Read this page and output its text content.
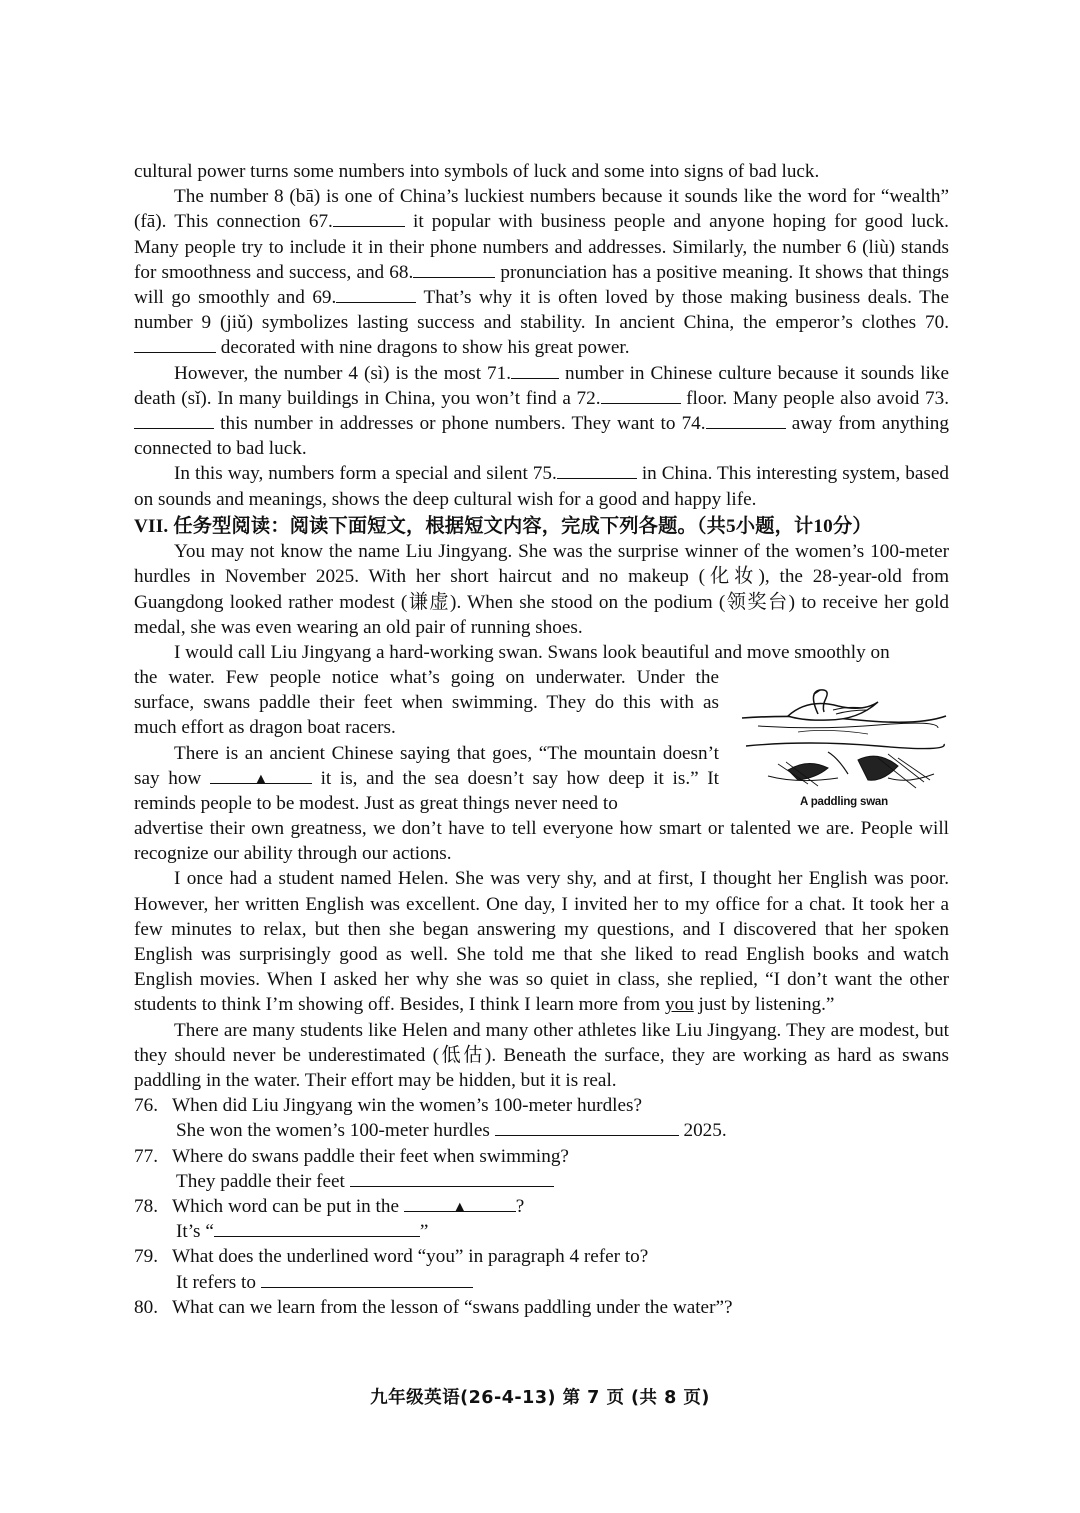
cultural power turns some numbers into symbols of luck and some into signs of bad luck.

The number 8 (bā) is one of China’s luckiest numbers because it sounds like the word for “wealth” (fā). This connection 67.	it popular with business people and anyone hoping for good luck. Many people try to include it in their phone numbers and addresses. Similarly, the number 6 (liù) stands for smoothness and success, and 68.	pronunciation has a positive meaning. It shows that things will go smoothly and 69.	That’s why it is often loved by those making business deals. The number 9 (jiǔ) symbolizes lasting success and stability. In ancient China, the emperor’s clothes 70. decorated with nine dragons to show his great power.

However, the number 4 (sì) is the most 71.	number in Chinese culture because it sounds like death (sǐ). In many buildings in China, you won’t find a 72.	floor. Many people also avoid 73. this number in addresses or phone numbers. They want to 74.	away from anything connected to bad luck.

In this way, numbers form a special and silent 75.	in China. This interesting system, based on sounds and meanings, shows the deep cultural wish for a good and happy life.

VII. 任务型阅读：阅读下面短文，根据短文内容，完成下列各题。（共5小题，计10分）

You may not know the name Liu Jingyang. She was the surprise winner of the women’s 100-meter hurdles in November 2025. With her short haircut and no makeup (化妆), the 28-year-old from Guangdong looked rather modest (谦虚). When she stood on the podium (领奖台) to receive her gold medal, she was even wearing an old pair of running shoes.

I would call Liu Jingyang a hard-working swan. Swans look beautiful and move smoothly on

the water. Few people notice what’s going on underwater. Under the surface, swans paddle their feet when swimming. They do this with as much effort as dragon boat racers.

There is an ancient Chinese saying that goes, “The mountain doesn’t say how	▲ it is, and the sea doesn’t say how deep it is.” It reminds people to be modest. Just as great things never need to	A paddling swan

advertise their own greatness, we don’t have to tell everyone how smart or talented we are. People will recognize our ability through our actions.

I once had a student named Helen. She was very shy, and at first, I thought her English was poor. However, her written English was excellent. One day, I invited her to my office for a chat. It took her a few minutes to relax, but then she began answering my questions, and I discovered that her spoken English was surprisingly good as well. She told me that she liked to read English books and watch English movies. When I asked her why she was so quiet in class, she replied, “I don’t want the other students to think I’m showing off. Besides, I think I learn more from you just by listening.”

There are many students like Helen and many other athletes like Liu Jingyang. They are modest, but they should never be underestimated (低估). Beneath the surface, they are working as hard as swans paddling in the water. Their effort may be hidden, but it is real.

76. When did Liu Jingyang win the women’s 100-meter hurdles?

She won the women’s 100-meter hurdles	2025.

77. Where do swans paddle their feet when swimming?

They paddle their feet

78. Which word can be put in the	▲	?

It’s “	”

79. What does the underlined word “you” in paragraph 4 refer to?

It refers to

80. What can we learn from the lesson of “swans paddling under the water”?

九年级英语(26-4-13) 第 7 页 (共 8 页)
